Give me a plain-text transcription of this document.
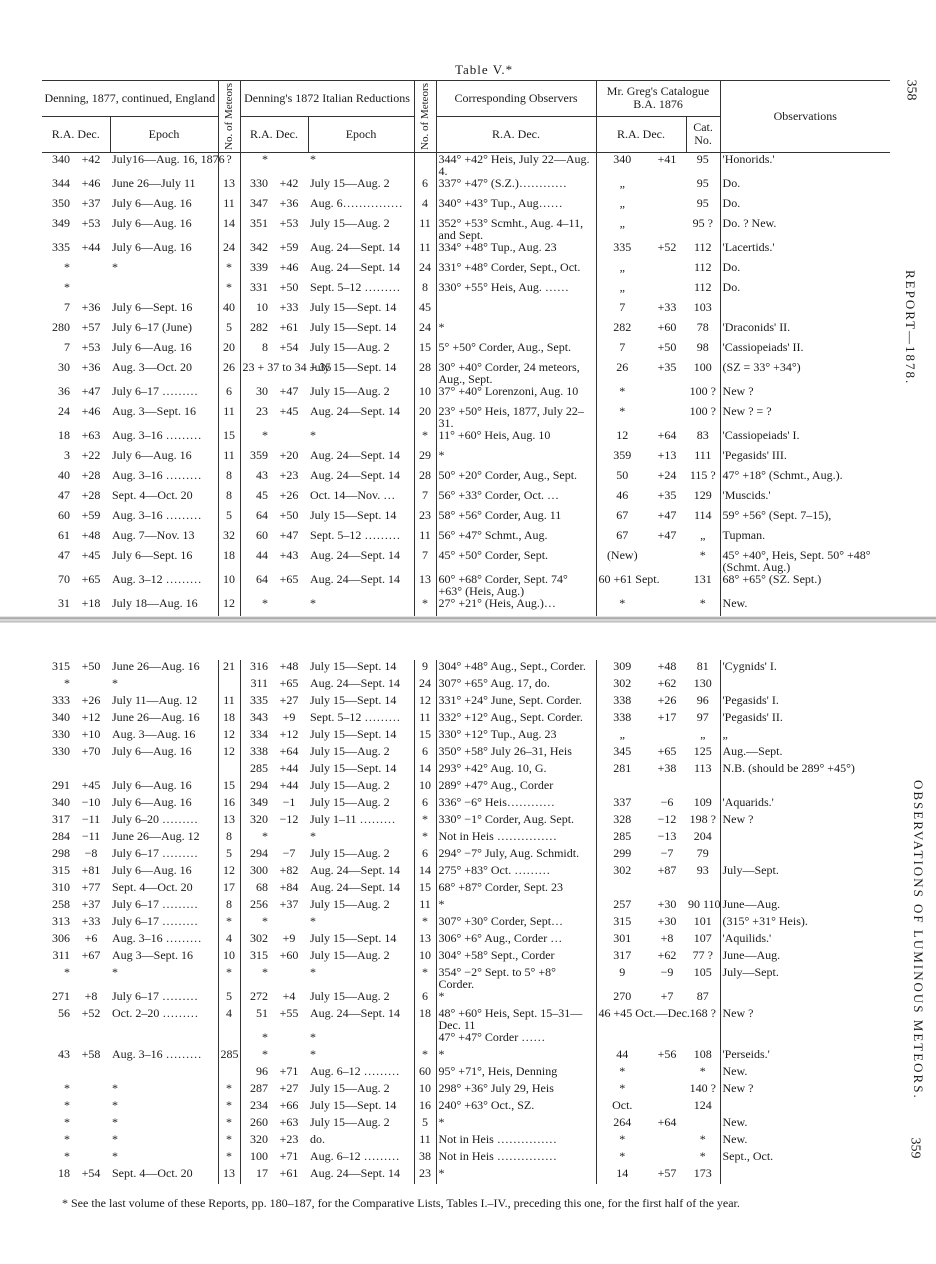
Table V.*
358
REPORT—1878.
Denning, 1877, continued, England			No. of Meteors	Denning's 1872 Italian Reductions			No. of Meteors	Corresponding Observers	Mr. Greg's Catalogue B.A. 1876			Observations
R.A. Dec.		Epoch		R.A. Dec.		Epoch		R.A. Dec.	R.A. Dec.		Cat. No.	
340	+42	July16—Aug. 16, 1876	?	*		*		344° +42° Heis, July 22—Aug. 4.	340	+41	95	'Honorids.'
344	+46	June 26—July 11	13	330	+42	July 15—Aug. 2	6	337° +47° (S.Z.)…………	„		95	Do.
350	+37	July 6—Aug. 16	11	347	+36	Aug. 6……………	4	340° +43° Tup., Aug……	„		95	Do.
349	+53	July 6—Aug. 16	14	351	+53	July 15—Aug. 2	11	352° +53° Scmht., Aug. 4–11, and Sept.	„		95 ?	Do. ? New.
335	+44	July 6—Aug. 16	24	342	+59	Aug. 24—Sept. 14	11	334° +48° Tup., Aug. 23	335	+52	112	'Lacertids.'
*		*	*	339	+46	Aug. 24—Sept. 14	24	331° +48° Corder, Sept., Oct.	„		112	Do.
*			*	331	+50	Sept. 5–12 ………	8	330° +55° Heis, Aug. ……	„		112	Do.
7	+36	July 6—Sept. 16	40	10	+33	July 15—Sept. 14	45		7	+33	103	
280	+57	July 6–17 (June)	5	282	+61	July 15—Sept. 14	24	*	282	+60	78	'Draconids' II.
7	+53	July 6—Aug. 16	20	8	+54	July 15—Aug. 2	15	5° +50° Corder, Aug., Sept.	7	+50	98	'Cassiopeiads' II.
30	+36	Aug. 3—Oct. 20	26	23 + 37 to 34 + 35		July 15—Sept. 14	28	30° +40° Corder, 24 meteors, Aug., Sept.	26	+35	100	(SZ = 33° +34°)
36	+47	July 6–17 ………	6	30	+47	July 15—Aug. 2	10	37° +40° Lorenzoni, Aug. 10	*		100 ?	New ?
24	+46	Aug. 3—Sept. 16	11	23	+45	Aug. 24—Sept. 14	20	23° +50° Heis, 1877, July 22–31.	*		100 ?	New ? = ?
18	+63	Aug. 3–16 ………	15	*		*	*	11° +60° Heis, Aug. 10	12	+64	83	'Cassiopeiads' I.
3	+22	July 6—Aug. 16	11	359	+20	Aug. 24—Sept. 14	29	*	359	+13	111	'Pegasids' III.
40	+28	Aug. 3–16 ………	8	43	+23	Aug. 24—Sept. 14	28	50° +20° Corder, Aug., Sept.	50	+24	115 ?	47° +18° (Schmt., Aug.).
47	+28	Sept. 4—Oct. 20	8	45	+26	Oct. 14—Nov. …	7	56° +33° Corder, Oct. …	46	+35	129	'Muscids.'
60	+59	Aug. 3–16 ………	5	64	+50	July 15—Sept. 14	23	58° +56° Corder, Aug. 11	67	+47	114	59° +56° (Sept. 7–15),
61	+48	Aug. 7—Nov. 13	32	60	+47	Sept. 5–12 ………	11	56° +47° Schmt., Aug.	67	+47	„	Tupman.
47	+45	July 6—Sept. 16	18	44	+43	Aug. 24—Sept. 14	7	45° +50° Corder, Sept.	(New)		*	45° +40°, Heis, Sept. 50° +48° (Schmt. Aug.)
70	+65	Aug. 3–12 ………	10	64	+65	Aug. 24—Sept. 14	13	60° +68° Corder, Sept. 74° +63° (Heis, Aug.)	60 +61 Sept.		131	68° +65° (SZ. Sept.)
31	+18	July 18—Aug. 16	12	*		*	*	27° +21° (Heis, Aug.)…	*		*	New.
315	+50	June 26—Aug. 16	21	316	+48	July 15—Sept. 14	9	304° +48° Aug., Sept., Corder.	309	+48	81	'Cygnids' I.
*		*		311	+65	Aug. 24—Sept. 14	24	307° +65° Aug. 17, do.	302	+62	130	
333	+26	July 11—Aug. 12	11	335	+27	July 15—Sept. 14	12	331° +24° June, Sept. Corder.	338	+26	96	'Pegasids' I.
340	+12	June 26—Aug. 16	18	343	+9	Sept. 5–12 ………	11	332° +12° Aug., Sept. Corder.	338	+17	97	'Pegasids' II.
330	+10	Aug. 3—Aug. 16	12	334	+12	July 15—Sept. 14	15	330° +12° Tup., Aug. 23	„		„	„
330	+70	July 6—Aug. 16	12	338	+64	July 15—Aug. 2	6	350° +58° July 26–31, Heis	345	+65	125	Aug.—Sept.
				285	+44	July 15—Sept. 14	14	293° +42° Aug. 10, G.	281	+38	113	N.B. (should be 289° +45°)
291	+45	July 6—Aug. 16	15	294	+44	July 15—Aug. 2	10	289° +47° Aug., Corder				
340	−10	July 6—Aug. 16	16	349	−1	July 15—Aug. 2	6	336° −6° Heis…………	337	−6	109	'Aquarids.'
317	−11	July 6–20 ………	13	320	−12	July 1–11 ………	*	330° −1° Corder, Aug. Sept.	328	−12	198 ?	New ?
284	−11	June 26—Aug. 12	8	*		*	*	Not in Heis ……………	285	−13	204	
298	−8	July 6–17 ………	5	294	−7	July 15—Aug. 2	6	294° −7° July, Aug. Schmidt.	299	−7	79	
315	+81	July 6—Aug. 16	12	300	+82	Aug. 24—Sept. 14	14	275° +83° Oct. ………	302	+87	93	July—Sept.
310	+77	Sept. 4—Oct. 20	17	68	+84	Aug. 24—Sept. 14	15	68° +87° Corder, Sept. 23				
258	+37	July 6–17 ………	8	256	+37	July 15—Aug. 2	11	*	257	+30	90 110	June—Aug.
313	+33	July 6–17 ………	*	*		*	*	307° +30° Corder, Sept…	315	+30	101	(315° +31° Heis).
306	+6	Aug. 3–16 ………	4	302	+9	July 15—Sept. 14	13	306° +6° Aug., Corder …	301	+8	107	'Aquilids.'
311	+67	Aug 3—Sept. 16	10	315	+60	July 15—Aug. 2	10	304° +58° Sept., Corder	317	+62	77 ?	June—Aug.
*		*	*	*		*	*	354° −2° Sept. to 5° +8° Corder.	9	−9	105	July—Sept.
271	+8	July 6–17 ………	5	272	+4	July 15—Aug. 2	6	*	270	+7	87	
56	+52	Oct. 2–20 ………	4	51	+55	Aug. 24—Sept. 14	18	48° +60° Heis, Sept. 15–31—Dec. 11	46 +45 Oct.—Dec.		168 ?	New ?
				*		*		47° +47° Corder ……				
43	+58	Aug. 3–16 ………	285	*		*	*	*	44	+56	108	'Perseids.'
				96	+71	Aug. 6–12 ………	60	95° +71°, Heis, Denning	*		*	New.
*		*	*	287	+27	July 15—Aug. 2	10	298° +36° July 29, Heis	*		140 ?	New ?
*		*	*	234	+66	July 15—Sept. 14	16	240° +63° Oct., SZ.	Oct.		124	
*		*	*	260	+63	July 15—Aug. 2	5	*	264	+64		New.
*		*	*	320	+23	do.	11	Not in Heis ……………	*		*	New.
*		*	*	100	+71	Aug. 6–12 ………	38	Not in Heis ……………	*		*	Sept., Oct.
18	+54	Sept. 4—Oct. 20	13	17	+61	Aug. 24—Sept. 14	23	*	14	+57	173	
OBSERVATIONS OF LUMINOUS METEORS.
359
* See the last volume of these Reports, pp. 180–187, for the Comparative Lists, Tables I.–IV., preceding this one, for the first half of the year.
